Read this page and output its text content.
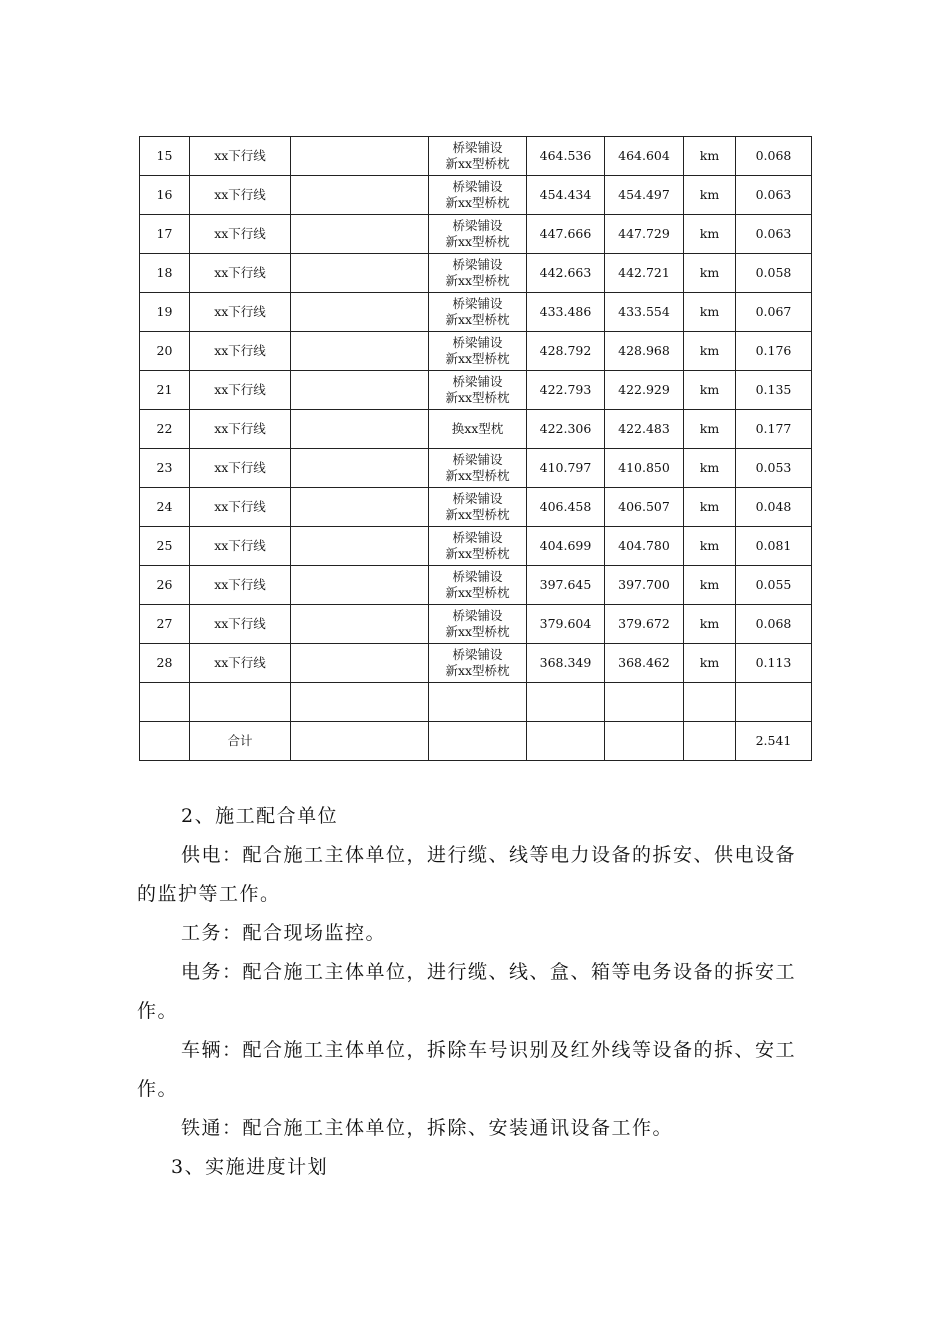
15	xx下行线		桥梁铺设
新xx型桥枕	464.536	464.604	km	0.068
16	xx下行线		桥梁铺设
新xx型桥枕	454.434	454.497	km	0.063
17	xx下行线		桥梁铺设
新xx型桥枕	447.666	447.729	km	0.063
18	xx下行线		桥梁铺设
新xx型桥枕	442.663	442.721	km	0.058
19	xx下行线		桥梁铺设
新xx型桥枕	433.486	433.554	km	0.067
20	xx下行线		桥梁铺设
新xx型桥枕	428.792	428.968	km	0.176
21	xx下行线		桥梁铺设
新xx型桥枕	422.793	422.929	km	0.135
22	xx下行线		换xx型枕	422.306	422.483	km	0.177
23	xx下行线		桥梁铺设
新xx型桥枕	410.797	410.850	km	0.053
24	xx下行线		桥梁铺设
新xx型桥枕	406.458	406.507	km	0.048
25	xx下行线		桥梁铺设
新xx型桥枕	404.699	404.780	km	0.081
26	xx下行线		桥梁铺设
新xx型桥枕	397.645	397.700	km	0.055
27	xx下行线		桥梁铺设
新xx型桥枕	379.604	379.672	km	0.068
28	xx下行线		桥梁铺设
新xx型桥枕	368.349	368.462	km	0.113

	合计						2.541

2、施工配合单位

供电：配合施工主体单位，进行缆、线等电力设备的拆安、供电设备的监护等工作。

工务：配合现场监控。

电务：配合施工主体单位，进行缆、线、盒、箱等电务设备的拆安工作。

车辆：配合施工主体单位，拆除车号识别及红外线等设备的拆、安工作。

铁通：配合施工主体单位，拆除、安装通讯设备工作。

3、实施进度计划
